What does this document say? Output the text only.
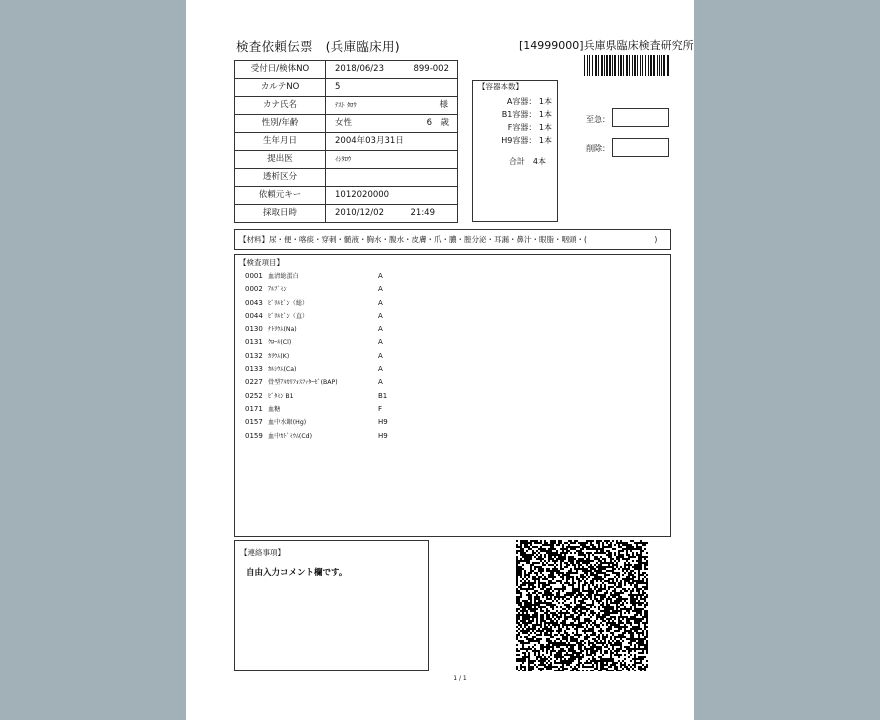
検査依頼伝票　(兵庫臨床用)	[14999000]兵庫県臨床検査研究所
受付日/検体NO	2018/06/23 899-002

カルテNO	5
カナ氏名	ﾃｽﾄ ﾀﾛｳ 様

性別/年齢	女性 6　歳

生年月日	2004年03月31日
提出医	ｲｼﾀﾛｳ
透析区分	
依頼元キー	1012020000
採取日時	2010/12/02 21:49
【容器本数】
A容器： 1本
B1容器： 1本
F容器： 1本
H9容器： 1本
合計　4本
至急：
削除：
【材料】尿・便・喀痰・穿刺・髄液・胸水・腹水・皮膚・爪・膿・膣分泌・耳漏・鼻汁・眼脂・咽頭・(　　　　　　　　　)
【検査項目】
0001 血清総蛋白	A
0002 ｱﾙﾌﾞﾐﾝ	A
0043 ﾋﾞﾘﾙﾋﾞﾝ（総）	A
0044 ﾋﾞﾘﾙﾋﾞﾝ（直）	A
0130 ﾅﾄﾘｳﾑ(Na)	A
0131 ｸﾛｰﾙ(Cl)	A
0132 ｶﾘｳﾑ(K)	A
0133 ｶﾙｼｳﾑ(Ca)	A
0227 骨型ｱﾙｶﾘﾌｫｽﾌｧﾀｰｾﾞ(BAP)	A
0252 ﾋﾞﾀﾐﾝ B1	B1
0171 血糖	F
0157 血中水銀(Hg)	H9
0159 血中ｶﾄﾞﾐｳﾑ(Cd)	H9
【連絡事項】
自由入力コメント欄です。
1 / 1
